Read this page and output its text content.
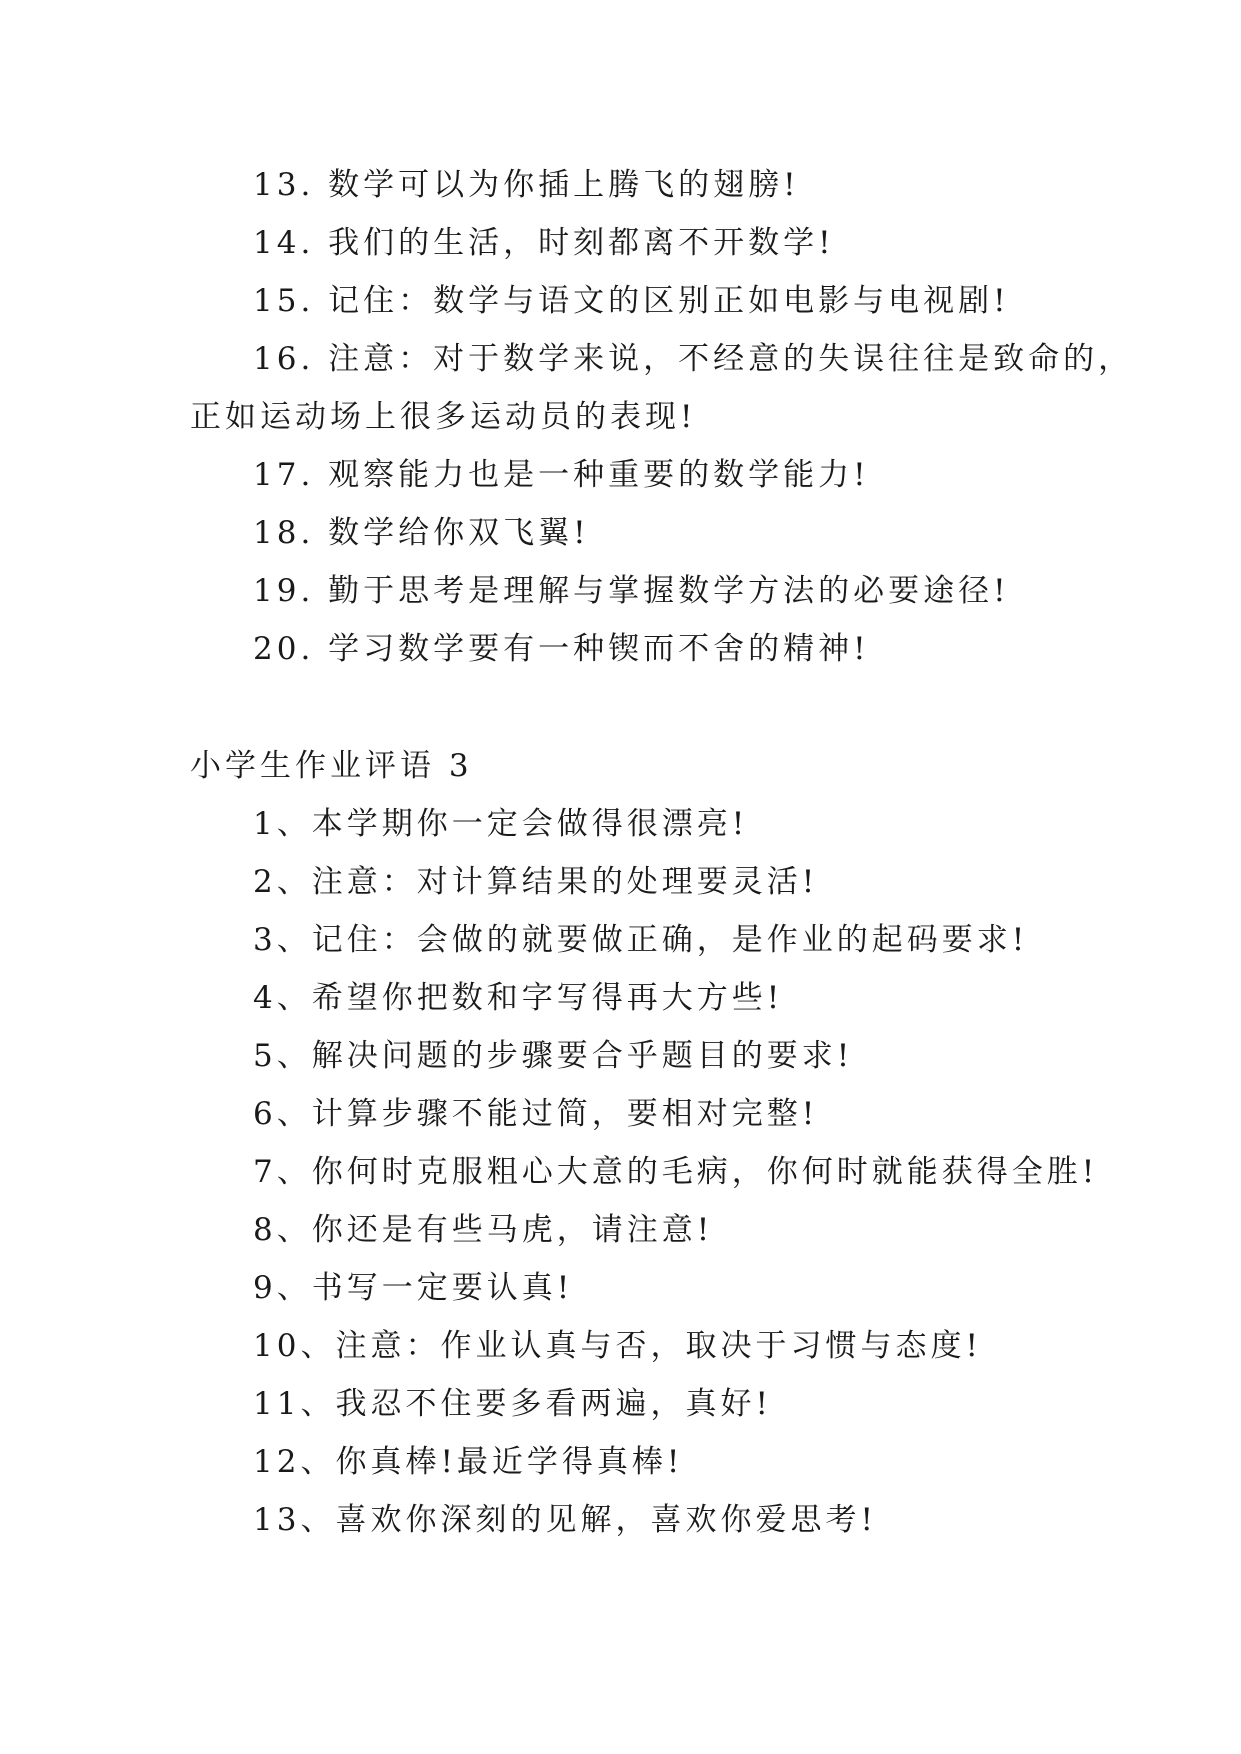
13. 数学可以为你插上腾飞的翅膀!
14. 我们的生活，时刻都离不开数学!
15. 记住：数学与语文的区别正如电影与电视剧!
16. 注意：对于数学来说，不经意的失误往往是致命的，
正如运动场上很多运动员的表现!
17. 观察能力也是一种重要的数学能力!
18. 数学给你双飞翼!
19. 勤于思考是理解与掌握数学方法的必要途径!
20. 学习数学要有一种锲而不舍的精神!
小学生作业评语 3
1、本学期你一定会做得很漂亮!
2、注意：对计算结果的处理要灵活!
3、记住：会做的就要做正确，是作业的起码要求!
4、希望你把数和字写得再大方些!
5、解决问题的步骤要合乎题目的要求!
6、计算步骤不能过简，要相对完整!
7、你何时克服粗心大意的毛病，你何时就能获得全胜!
8、你还是有些马虎，请注意!
9、书写一定要认真!
10、注意：作业认真与否，取决于习惯与态度!
11、我忍不住要多看两遍，真好!
12、你真棒!最近学得真棒!
13、喜欢你深刻的见解，喜欢你爱思考!
